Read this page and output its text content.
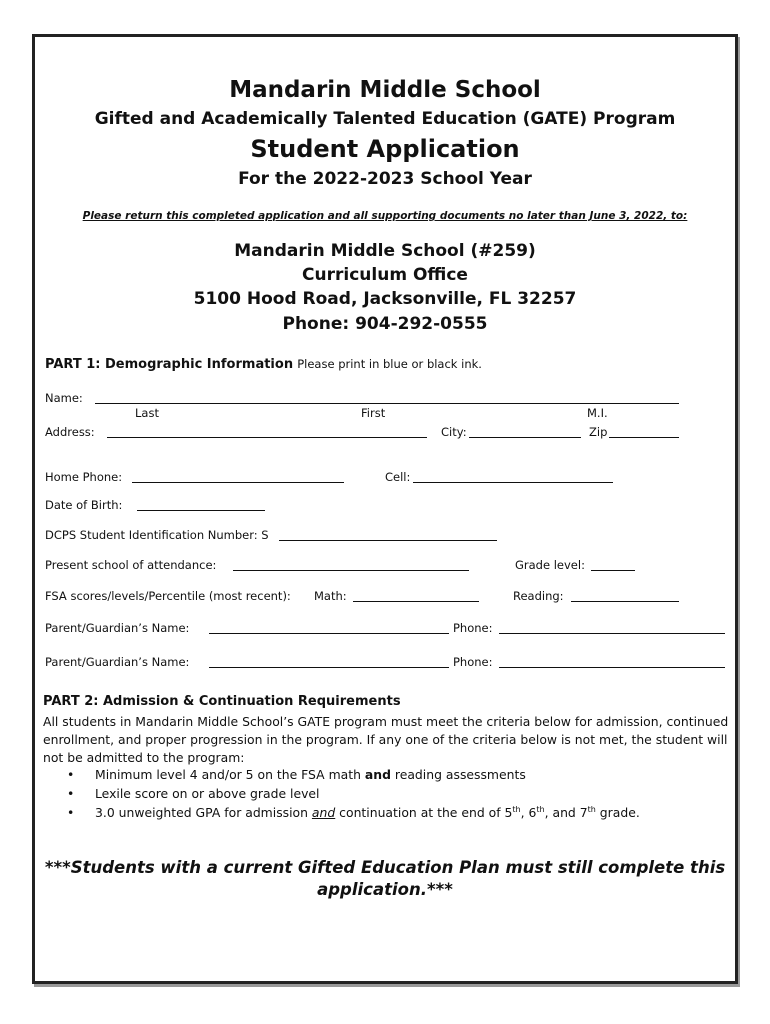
Mandarin Middle School
Gifted and Academically Talented Education (GATE) Program
Student Application
For the 2022-2023 School Year
Please return this completed application and all supporting documents no later than June 3, 2022, to:
Mandarin Middle School (#259)
Curriculum Office
5100 Hood Road, Jacksonville, FL 32257
Phone: 904-292-0555
PART 1: Demographic Information Please print in blue or black ink.
Name:
Last	First	M.I.
Address:	City:	Zip
Home Phone:	Cell:
Date of Birth:
DCPS Student Identification Number: S
Present school of attendance:	Grade level:
FSA scores/levels/Percentile (most recent): Math:	Reading:
Parent/Guardian’s Name:	Phone:
Parent/Guardian’s Name:	Phone:
PART 2: Admission & Continuation Requirements
All students in Mandarin Middle School’s GATE program must meet the criteria below for admission, continued enrollment, and proper progression in the program. If any one of the criteria below is not met, the student will not be admitted to the program:
• Minimum level 4 and/or 5 on the FSA math and reading assessments
• Lexile score on or above grade level
• 3.0 unweighted GPA for admission and continuation at the end of 5th, 6th, and 7th grade.
***Students with a current Gifted Education Plan must still complete this
application.***
